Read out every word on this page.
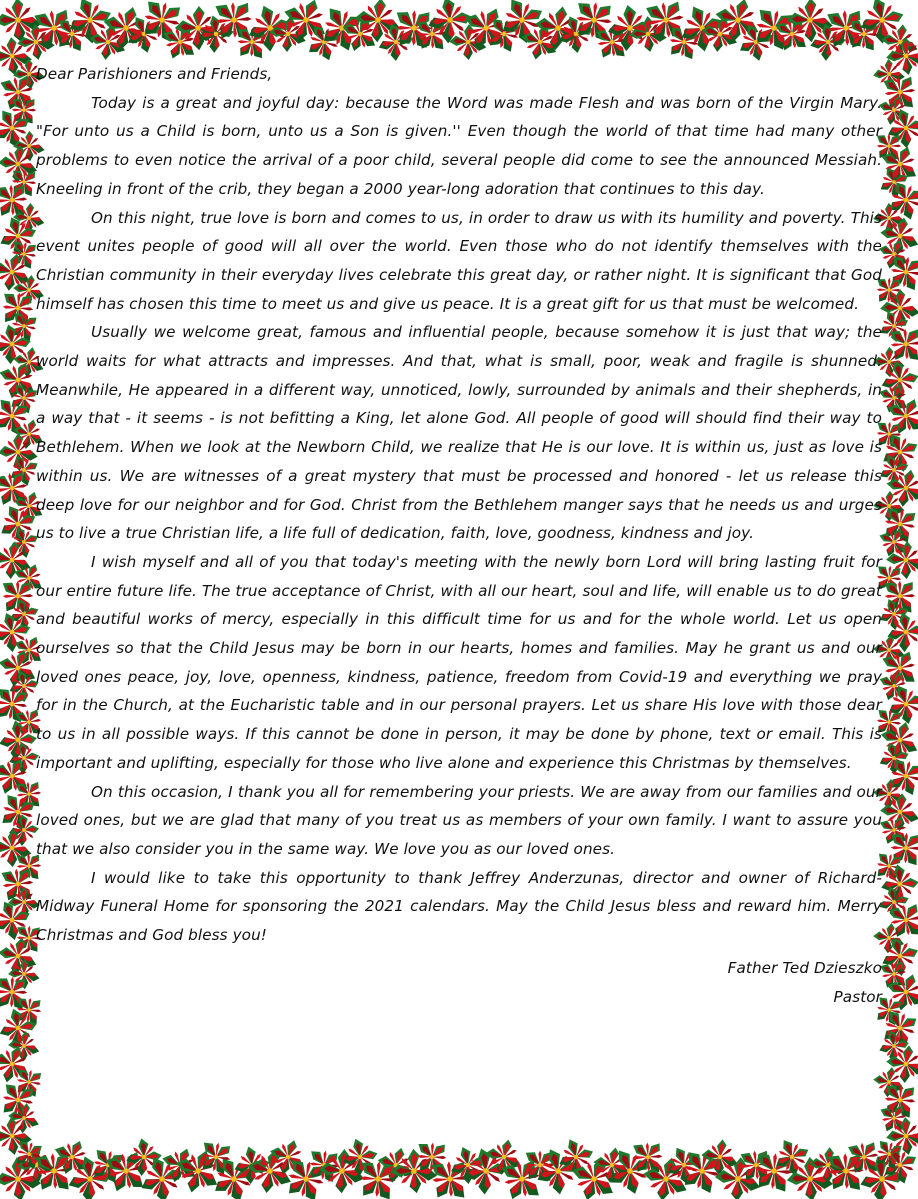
Dear Parishioners and Friends,

Today is a great and joyful day: because the Word was made Flesh and was born of the Virgin Mary. "For unto us a Child is born, unto us a Son is given.'' Even though the world of that time had many other problems to even notice the arrival of a poor child, several people did come to see the announced Messiah. Kneeling in front of the crib, they began a 2000 year-long adoration that continues to this day.

On this night, true love is born and comes to us, in order to draw us with its humility and poverty. This event unites people of good will all over the world. Even those who do not identify themselves with the Christian community in their everyday lives celebrate this great day, or rather night. It is significant that God himself has chosen this time to meet us and give us peace. It is a great gift for us that must be welcomed.

Usually we welcome great, famous and influential people, because somehow it is just that way; the world waits for what attracts and impresses. And that, what is small, poor, weak and fragile is shunned. Meanwhile, He appeared in a different way, unnoticed, lowly, surrounded by animals and their shepherds, in a way that - it seems - is not befitting a King, let alone God. All people of good will should find their way to Bethlehem. When we look at the Newborn Child, we realize that He is our love. It is within us, just as love is within us. We are witnesses of a great mystery that must be processed and honored - let us release this deep love for our neighbor and for God. Christ from the Bethlehem manger says that he needs us and urges us to live a true Christian life, a life full of dedication, faith, love, goodness, kindness and joy.

I wish myself and all of you that today's meeting with the newly born Lord will bring lasting fruit for our entire future life. The true acceptance of Christ, with all our heart, soul and life, will enable us to do great and beautiful works of mercy, especially in this difficult time for us and for the whole world. Let us open ourselves so that the Child Jesus may be born in our hearts, homes and families. May he grant us and our loved ones peace, joy, love, openness, kindness, patience, freedom from Covid-19 and everything we pray for in the Church, at the Eucharistic table and in our personal prayers. Let us share His love with those dear to us in all possible ways. If this cannot be done in person, it may be done by phone, text or email. This is important and uplifting, especially for those who live alone and experience this Christmas by themselves.

On this occasion, I thank you all for remembering your priests. We are away from our families and our loved ones, but we are glad that many of you treat us as members of your own family. I want to assure you that we also consider you in the same way. We love you as our loved ones.

I would like to take this opportunity to thank Jeffrey Anderzunas, director and owner of Richard-Midway Funeral Home for sponsoring the 2021 calendars. May the Child Jesus bless and reward him. Merry Christmas and God bless you!

Father Ted Dzieszko
Pastor
